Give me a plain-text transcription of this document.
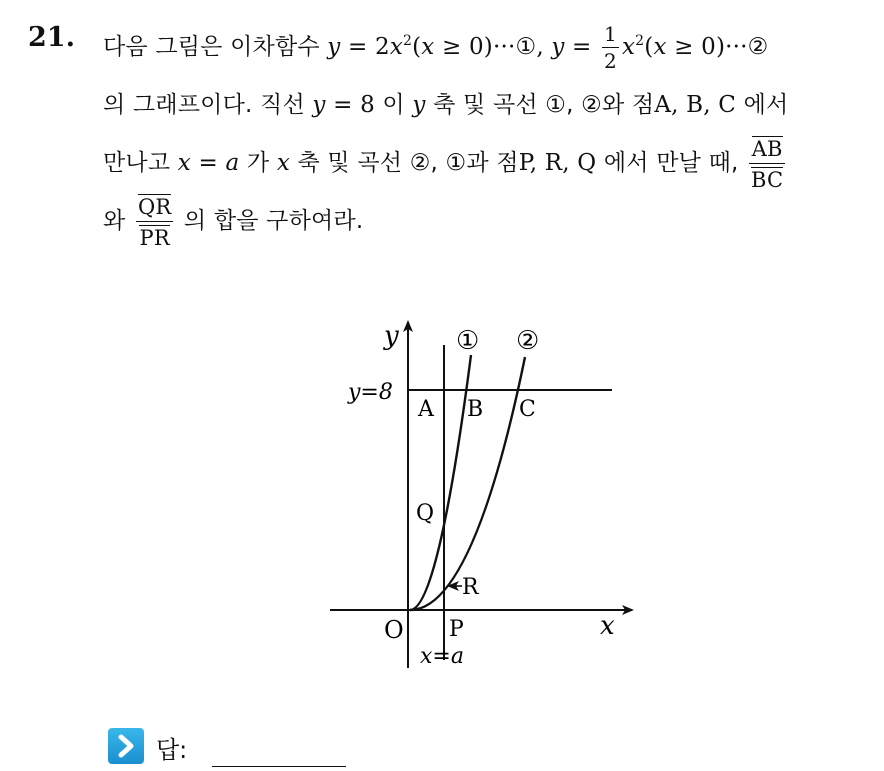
21. 다음 그림은 이차함수 $y = 2x^2(x$ ≥ 0)···①, $y = \frac{1}{2} x^2(x$ ≥ 0)···②
의 그래프이다. 직선 y = 8 이 y 축 및 곡선 ①, ②와 점A, B, C 에서
만나고 x = a 가 x 축 및 곡선 ②, ①과 점P, R, Q 에서 만날 때, $\frac{AB}{BC}$
와 $\frac{QR}{PR}$ 의 합을 구하여라.
y
x
O
① ②
y=8
A B C
Q
R
P
x=a
답:
